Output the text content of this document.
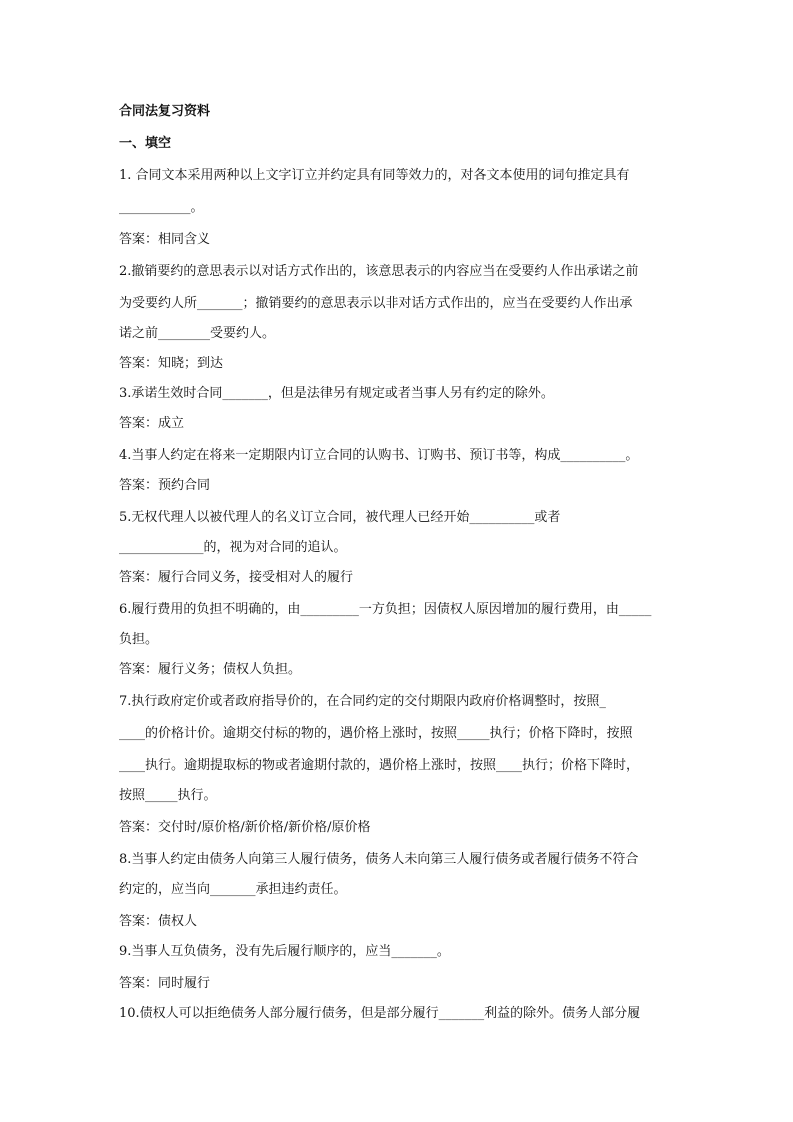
合同法复习资料
一、填空
1. 合同文本采用两种以上文字订立并约定具有同等效力的，对各文本使用的词句推定具有
___________。
答案：相同含义
2.撤销要约的意思表示以对话方式作出的，该意思表示的内容应当在受要约人作出承诺之前
为受要约人所_______；撤销要约的意思表示以非对话方式作出的，应当在受要约人作出承
诺之前________受要约人。
答案：知晓；到达
3.承诺生效时合同_______，但是法律另有规定或者当事人另有约定的除外。
答案：成立
4.当事人约定在将来一定期限内订立合同的认购书、订购书、预订书等，构成__________。
答案：预约合同
5.无权代理人以被代理人的名义订立合同，被代理人已经开始__________或者
_____________的，视为对合同的追认。
答案：履行合同义务，接受相对人的履行
6.履行费用的负担不明确的，由_________一方负担；因债权人原因增加的履行费用，由_____
负担。
答案：履行义务；债权人负担。
7.执行政府定价或者政府指导价的，在合同约定的交付期限内政府价格调整时，按照_
____的价格计价。逾期交付标的物的，遇价格上涨时，按照_____执行；价格下降时，按照
____执行。逾期提取标的物或者逾期付款的，遇价格上涨时，按照____执行；价格下降时，
按照_____执行。
答案：交付时/原价格/新价格/新价格/原价格
8.当事人约定由债务人向第三人履行债务，债务人未向第三人履行债务或者履行债务不符合
约定的，应当向_______承担违约责任。
答案：债权人
9.当事人互负债务，没有先后履行顺序的，应当_______。
答案：同时履行
10.债权人可以拒绝债务人部分履行债务，但是部分履行_______利益的除外。债务人部分履
